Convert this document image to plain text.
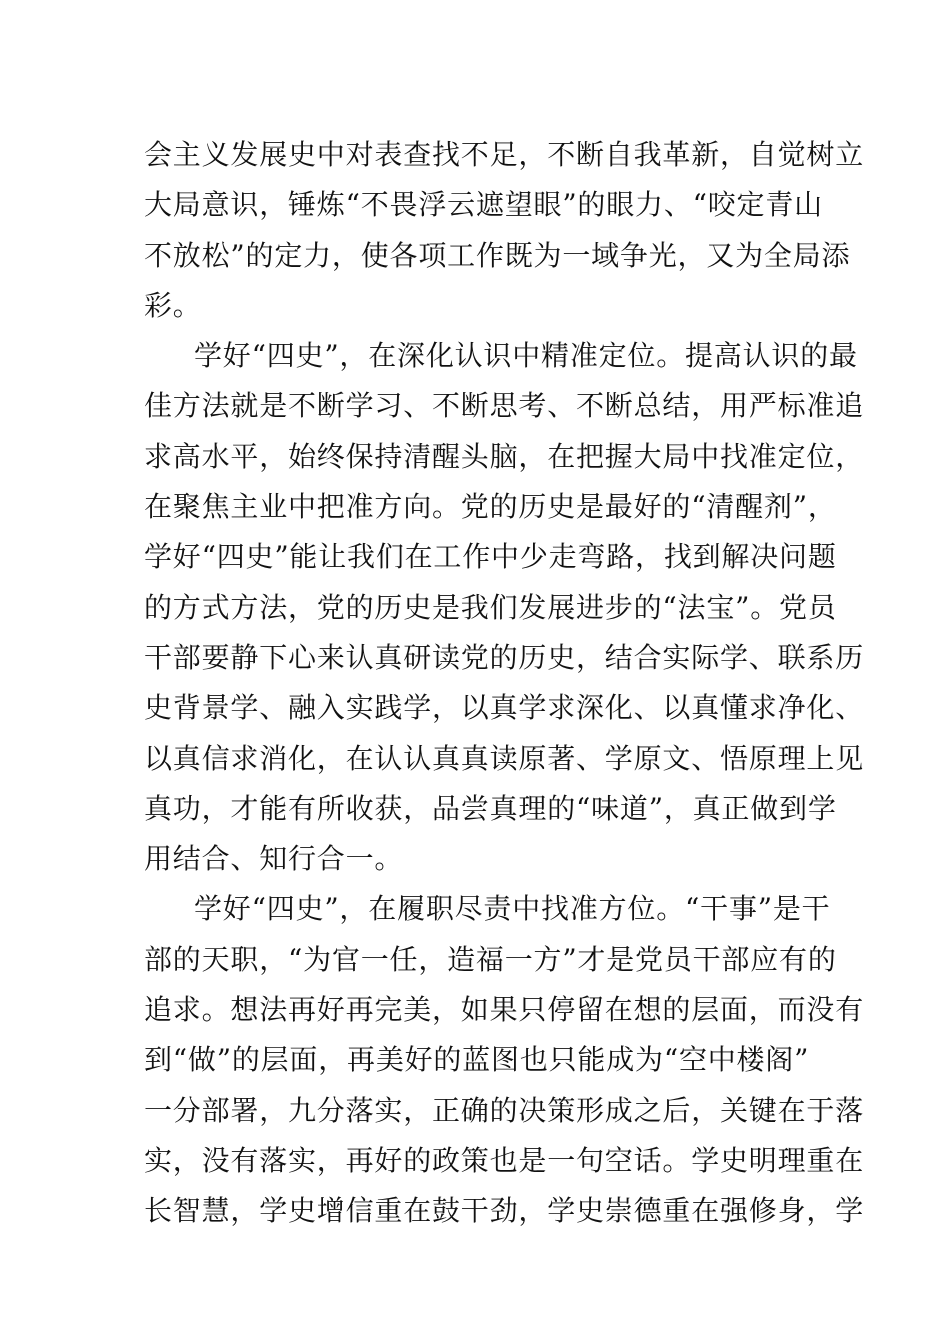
会主义发展史中对表查找不足，不断自我革新，自觉树立
大局意识，锤炼“不畏浮云遮望眼”的眼力、“咬定青山
不放松”的定力，使各项工作既为一域争光，又为全局添
彩。
学好“四史”，在深化认识中精准定位。提高认识的最
佳方法就是不断学习、不断思考、不断总结，用严标准追
求高水平，始终保持清醒头脑，在把握大局中找准定位，
在聚焦主业中把准方向。党的历史是最好的“清醒剂”，
学好“四史”能让我们在工作中少走弯路，找到解决问题
的方式方法，党的历史是我们发展进步的“法宝”。党员
干部要静下心来认真研读党的历史，结合实际学、联系历
史背景学、融入实践学，以真学求深化、以真懂求净化、
以真信求消化，在认认真真读原著、学原文、悟原理上见
真功，才能有所收获，品尝真理的“味道”，真正做到学
用结合、知行合一。
学好“四史”，在履职尽责中找准方位。“干事”是干
部的天职，“为官一任，造福一方”才是党员干部应有的
追求。想法再好再完美，如果只停留在想的层面，而没有
到“做”的层面，再美好的蓝图也只能成为“空中楼阁”
一分部署，九分落实，正确的决策形成之后，关键在于落
实，没有落实，再好的政策也是一句空话。学史明理重在
长智慧，学史增信重在鼓干劲，学史崇德重在强修身，学
